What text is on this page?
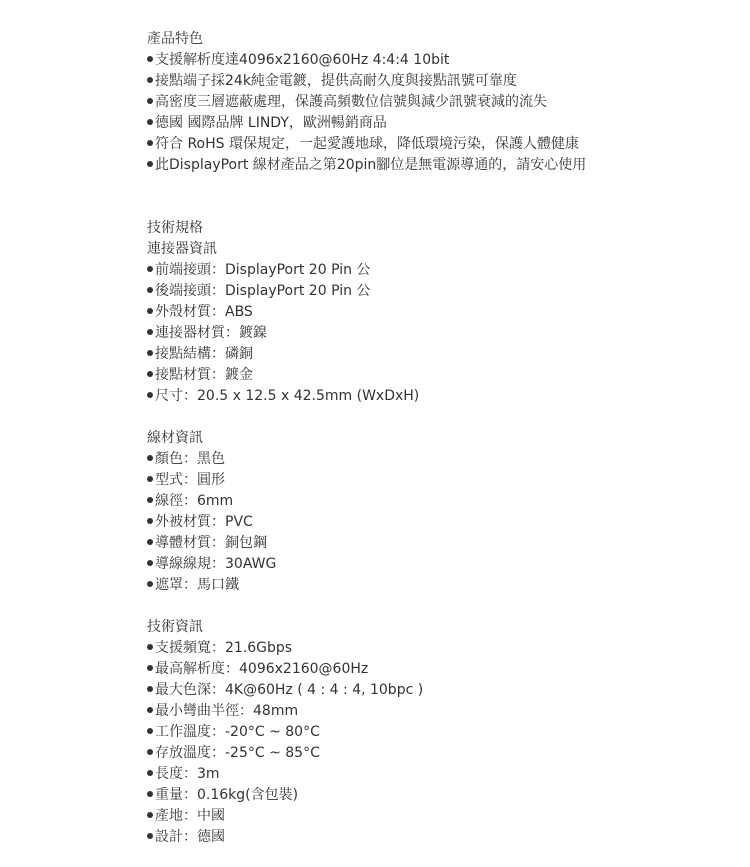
產品特色
支援解析度達4096x2160@60Hz 4:4:4 10bit
接點端子採24k純金電鍍，提供高耐久度與接點訊號可靠度
高密度三層遮蔽處理，保護高頻數位信號與減少訊號衰減的流失
德國 國際品牌 LINDY，歐洲暢銷商品
符合 RoHS 環保規定，一起愛護地球，降低環境污染，保護人體健康
此DisplayPort 線材產品之第20pin腳位是無電源導通的，請安心使用
技術規格
連接器資訊
前端接頭：DisplayPort 20 Pin 公
後端接頭：DisplayPort 20 Pin 公
外殼材質：ABS
連接器材質：鍍鎳
接點結構：磷銅
接點材質：鍍金
尺寸：20.5 x 12.5 x 42.5mm (WxDxH)
線材資訊
顏色：黑色
型式：圓形
線徑：6mm
外被材質：PVC
導體材質：銅包鋼
導線線規：30AWG
遮罩：馬口鐵
技術資訊
支援頻寬：21.6Gbps
最高解析度：4096x2160@60Hz
最大色深：4K@60Hz ( 4 : 4 : 4, 10bpc )
最小彎曲半徑：48mm
工作溫度：-20°C ~ 80°C
存放溫度：-25°C ~ 85°C
長度：3m
重量：0.16kg(含包裝)
產地：中國
設計：德國
